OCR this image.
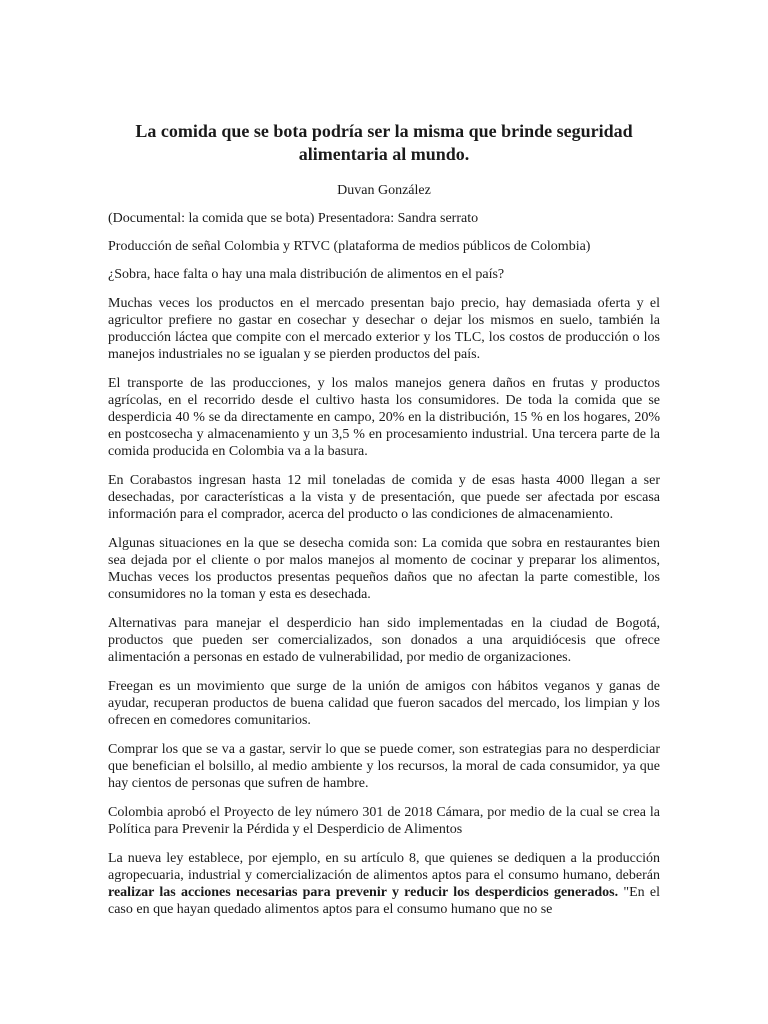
La comida que se bota podría ser la misma que brinde seguridad alimentaria al mundo.

Duvan González

(Documental: la comida que se bota) Presentadora: Sandra serrato

Producción de señal Colombia y RTVC (plataforma de medios públicos de Colombia)

¿Sobra, hace falta o hay una mala distribución de alimentos en el país?

Muchas veces los productos en el mercado presentan bajo precio, hay demasiada oferta y el agricultor prefiere no gastar en cosechar y desechar o dejar los mismos en suelo, también la producción láctea que compite con el mercado exterior y los TLC, los costos de producción o los manejos industriales no se igualan y se pierden productos del país.

El transporte de las producciones, y los malos manejos genera daños en frutas y productos agrícolas, en el recorrido desde el cultivo hasta los consumidores. De toda la comida que se desperdicia 40 % se da directamente en campo, 20% en la distribución, 15 % en los hogares, 20% en postcosecha y almacenamiento y un 3,5 % en procesamiento industrial. Una tercera parte de la comida producida en Colombia va a la basura.

En Corabastos ingresan hasta 12 mil toneladas de comida y de esas hasta 4000 llegan a ser desechadas, por características a la vista y de presentación, que puede ser afectada por escasa información para el comprador, acerca del producto o las condiciones de almacenamiento.

Algunas situaciones en la que se desecha comida son: La comida que sobra en restaurantes bien sea dejada por el cliente o por malos manejos al momento de cocinar y preparar los alimentos, Muchas veces los productos presentas pequeños daños que no afectan la parte comestible, los consumidores no la toman y esta es desechada.

Alternativas para manejar el desperdicio han sido implementadas en la ciudad de Bogotá, productos que pueden ser comercializados, son donados a una arquidiócesis que ofrece alimentación a personas en estado de vulnerabilidad, por medio de organizaciones.

Freegan es un movimiento que surge de la unión de amigos con hábitos veganos y ganas de ayudar, recuperan productos de buena calidad que fueron sacados del mercado, los limpian y los ofrecen en comedores comunitarios.

Comprar los que se va a gastar, servir lo que se puede comer, son estrategias para no desperdiciar que benefician el bolsillo, al medio ambiente y los recursos, la moral de cada consumidor, ya que hay cientos de personas que sufren de hambre.

Colombia aprobó el Proyecto de ley número 301 de 2018 Cámara, por medio de la cual se crea la Política para Prevenir la Pérdida y el Desperdicio de Alimentos

La nueva ley establece, por ejemplo, en su artículo 8, que quienes se dediquen a la producción agropecuaria, industrial y comercialización de alimentos aptos para el consumo humano, deberán realizar las acciones necesarias para prevenir y reducir los desperdicios generados. "En el caso en que hayan quedado alimentos aptos para el consumo humano que no se
